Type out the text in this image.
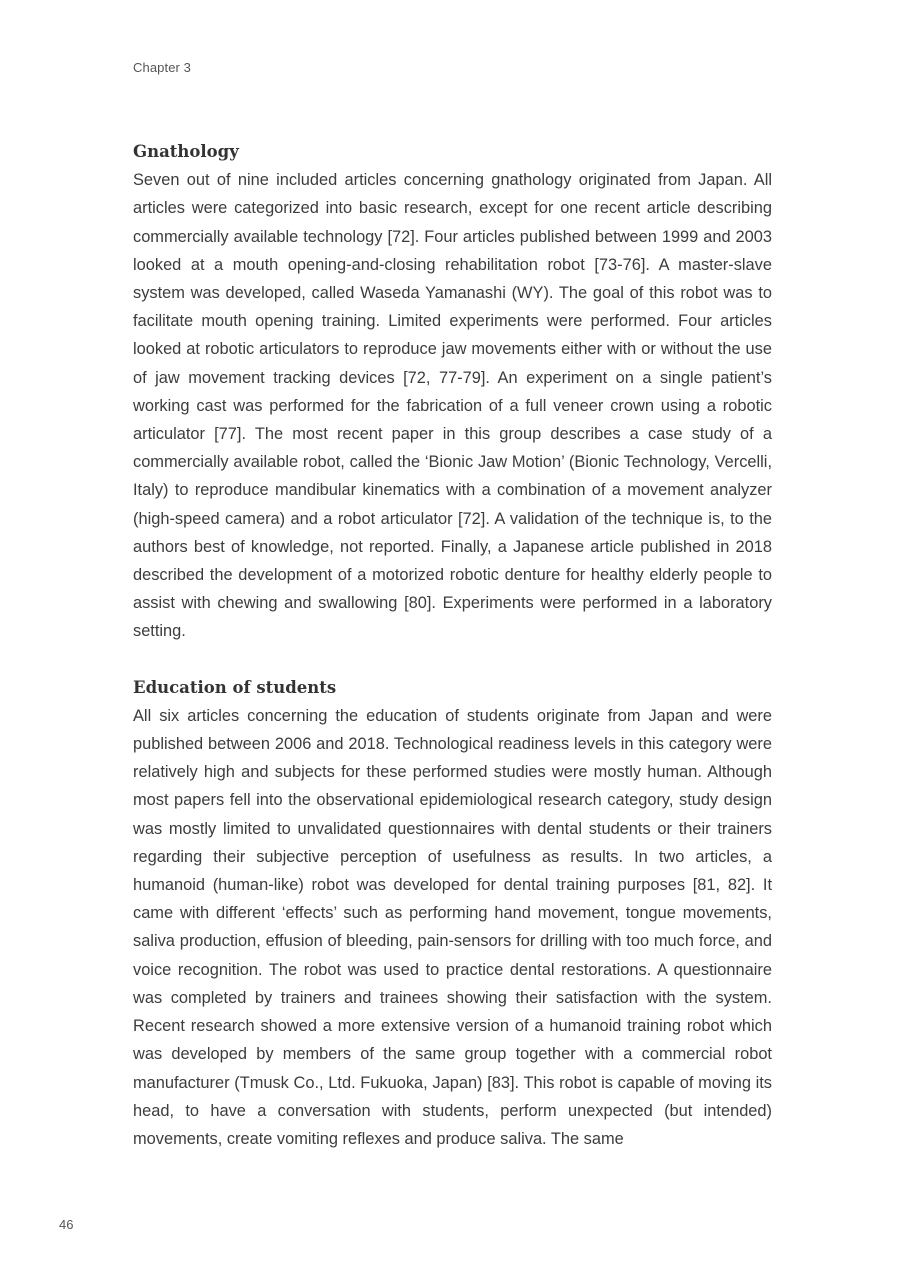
Chapter 3
Gnathology

Seven out of nine included articles concerning gnathology originated from Japan. All articles were categorized into basic research, except for one recent article describing commercially available technology [72]. Four articles published between 1999 and 2003 looked at a mouth opening-and-closing rehabilitation robot [73-76]. A master-slave system was developed, called Waseda Yamanashi (WY). The goal of this robot was to facilitate mouth opening training. Limited experiments were performed. Four articles looked at robotic articulators to reproduce jaw movements either with or without the use of jaw movement tracking devices [72, 77-79]. An experiment on a single patient’s working cast was performed for the fabrication of a full veneer crown using a robotic articulator [77]. The most recent paper in this group describes a case study of a commercially available robot, called the ‘Bionic Jaw Motion’ (Bionic Technology, Vercelli, Italy) to reproduce mandibular kinematics with a combination of a movement analyzer (high-speed camera) and a robot articulator [72]. A validation of the technique is, to the authors best of knowledge, not reported. Finally, a Japanese article published in 2018 described the development of a motorized robotic denture for healthy elderly people to assist with chewing and swallowing [80]. Experiments were performed in a laboratory setting.

Education of students

All six articles concerning the education of students originate from Japan and were published between 2006 and 2018. Technological readiness levels in this category were relatively high and subjects for these performed studies were mostly human. Although most papers fell into the observational epidemiological research category, study design was mostly limited to unvalidated questionnaires with dental students or their trainers regarding their subjective perception of usefulness as results. In two articles, a humanoid (human-like) robot was developed for dental training purposes [81, 82]. It came with different ‘effects’ such as performing hand movement, tongue movements, saliva production, effusion of bleeding, pain-sensors for drilling with too much force, and voice recognition. The robot was used to practice dental restorations. A questionnaire was completed by trainers and trainees showing their satisfaction with the system. Recent research showed a more extensive version of a humanoid training robot which was developed by members of the same group together with a commercial robot manufacturer (Tmusk Co., Ltd. Fukuoka, Japan) [83]. This robot is capable of moving its head, to have a conversation with students, perform unexpected (but intended) movements, create vomiting reflexes and produce saliva. The same

46
